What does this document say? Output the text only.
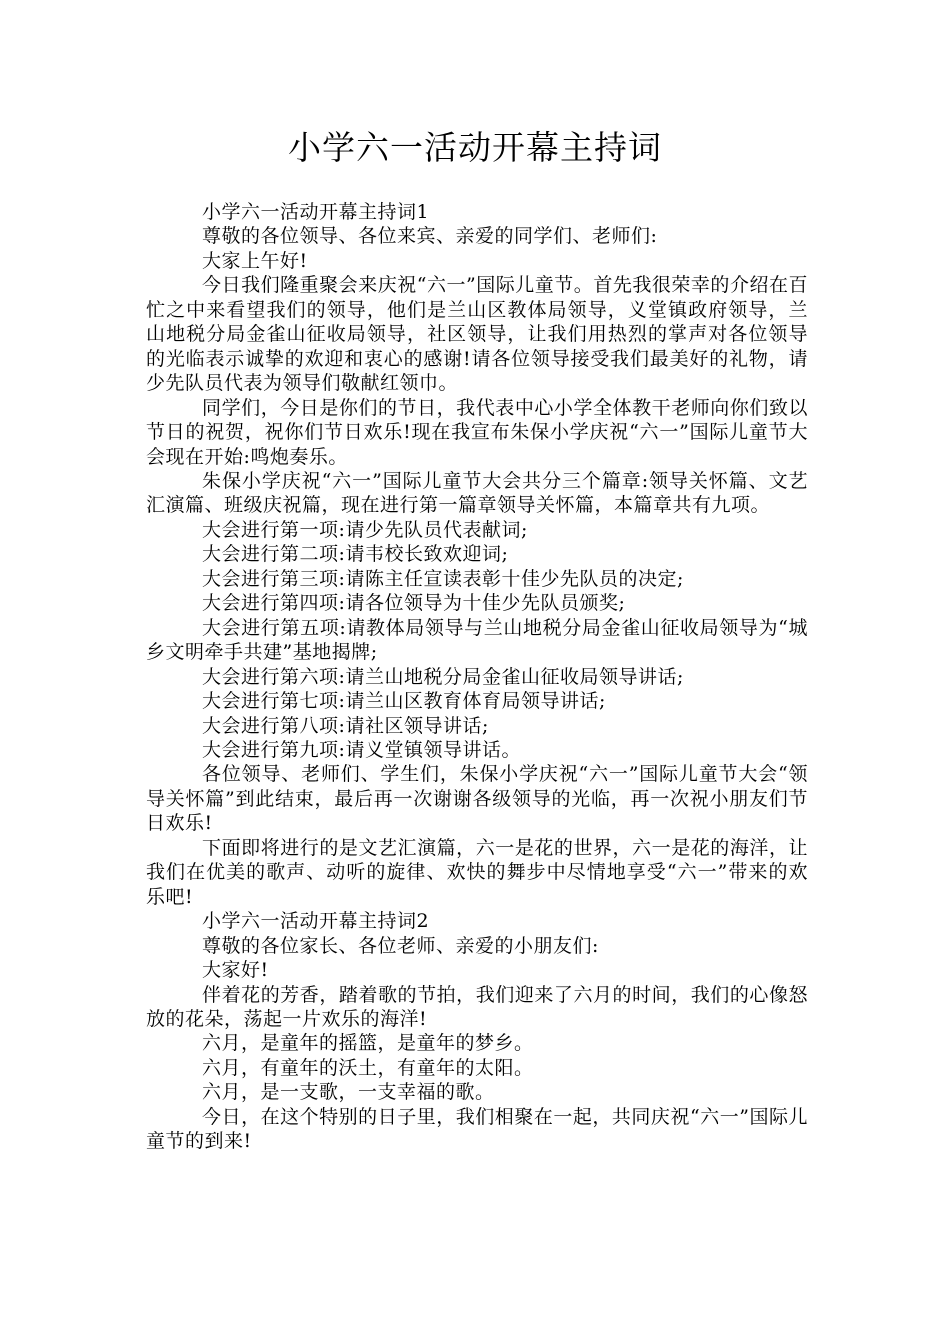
小学六一活动开幕主持词

小学六一活动开幕主持词1

尊敬的各位领导、各位来宾、亲爱的同学们、老师们:

大家上午好!

今日我们隆重聚会来庆祝“六一”国际儿童节。首先我很荣幸的介绍在百忙之中来看望我们的领导，他们是兰山区教体局领导，义堂镇政府领导，兰山地税分局金雀山征收局领导，社区领导，让我们用热烈的掌声对各位领导的光临表示诚挚的欢迎和衷心的感谢!请各位领导接受我们最美好的礼物，请少先队员代表为领导们敬献红领巾。

同学们，今日是你们的节日，我代表中心小学全体教干老师向你们致以节日的祝贺，祝你们节日欢乐!现在我宣布朱保小学庆祝“六一”国际儿童节大会现在开始:鸣炮奏乐。

朱保小学庆祝“六一”国际儿童节大会共分三个篇章:领导关怀篇、文艺汇演篇、班级庆祝篇，现在进行第一篇章领导关怀篇，本篇章共有九项。

大会进行第一项:请少先队员代表献词;

大会进行第二项:请韦校长致欢迎词;

大会进行第三项:请陈主任宣读表彰十佳少先队员的决定;

大会进行第四项:请各位领导为十佳少先队员颁奖;

大会进行第五项:请教体局领导与兰山地税分局金雀山征收局领导为“城乡文明牵手共建”基地揭牌;

大会进行第六项:请兰山地税分局金雀山征收局领导讲话;

大会进行第七项:请兰山区教育体育局领导讲话;

大会进行第八项:请社区领导讲话;

大会进行第九项:请义堂镇领导讲话。

各位领导、老师们、学生们，朱保小学庆祝“六一”国际儿童节大会“领导关怀篇”到此结束，最后再一次谢谢各级领导的光临，再一次祝小朋友们节日欢乐!

下面即将进行的是文艺汇演篇，六一是花的世界，六一是花的海洋，让我们在优美的歌声、动听的旋律、欢快的舞步中尽情地享受“六一”带来的欢乐吧!

小学六一活动开幕主持词2

尊敬的各位家长、各位老师、亲爱的小朋友们:

大家好!

伴着花的芳香，踏着歌的节拍，我们迎来了六月的时间，我们的心像怒放的花朵，荡起一片欢乐的海洋!

六月，是童年的摇篮，是童年的梦乡。

六月，有童年的沃土，有童年的太阳。

六月，是一支歌，一支幸福的歌。

今日，在这个特别的日子里，我们相聚在一起，共同庆祝“六一”国际儿童节的到来!
